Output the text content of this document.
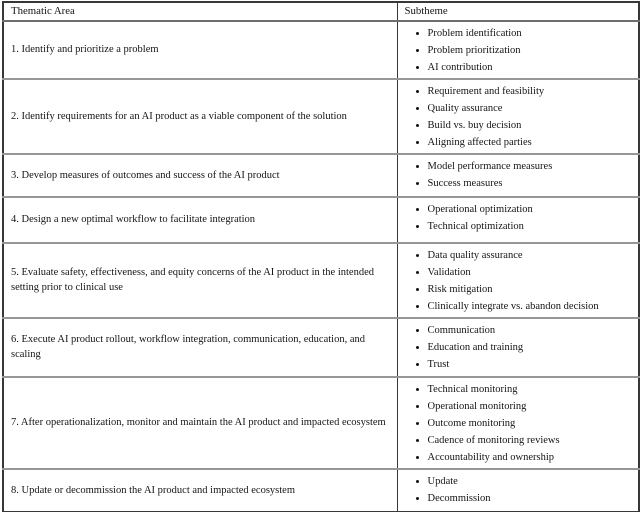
Thematic Area	Subtheme
1. Identify and prioritize a problem	
• Problem identification
• Problem prioritization
• AI contribution

2. Identify requirements for an AI product as a viable component of the solution	
• Requirement and feasibility
• Quality assurance
• Build vs. buy decision
• Aligning affected parties

3. Develop measures of outcomes and success of the AI product	
• Model performance measures
• Success measures

4. Design a new optimal workflow to facilitate integration	
• Operational optimization
• Technical optimization

5. Evaluate safety, effectiveness, and equity concerns of the AI product in the intended setting prior to clinical use	
• Data quality assurance
• Validation
• Risk mitigation
• Clinically integrate vs. abandon decision

6. Execute AI product rollout, workflow integration, communication, education, and scaling	
• Communication
• Education and training
• Trust

7. After operationalization, monitor and maintain the AI product and impacted ecosystem	
• Technical monitoring
• Operational monitoring
• Outcome monitoring
• Cadence of monitoring reviews
• Accountability and ownership

8. Update or decommission the AI product and impacted ecosystem	
• Update
• Decommission
